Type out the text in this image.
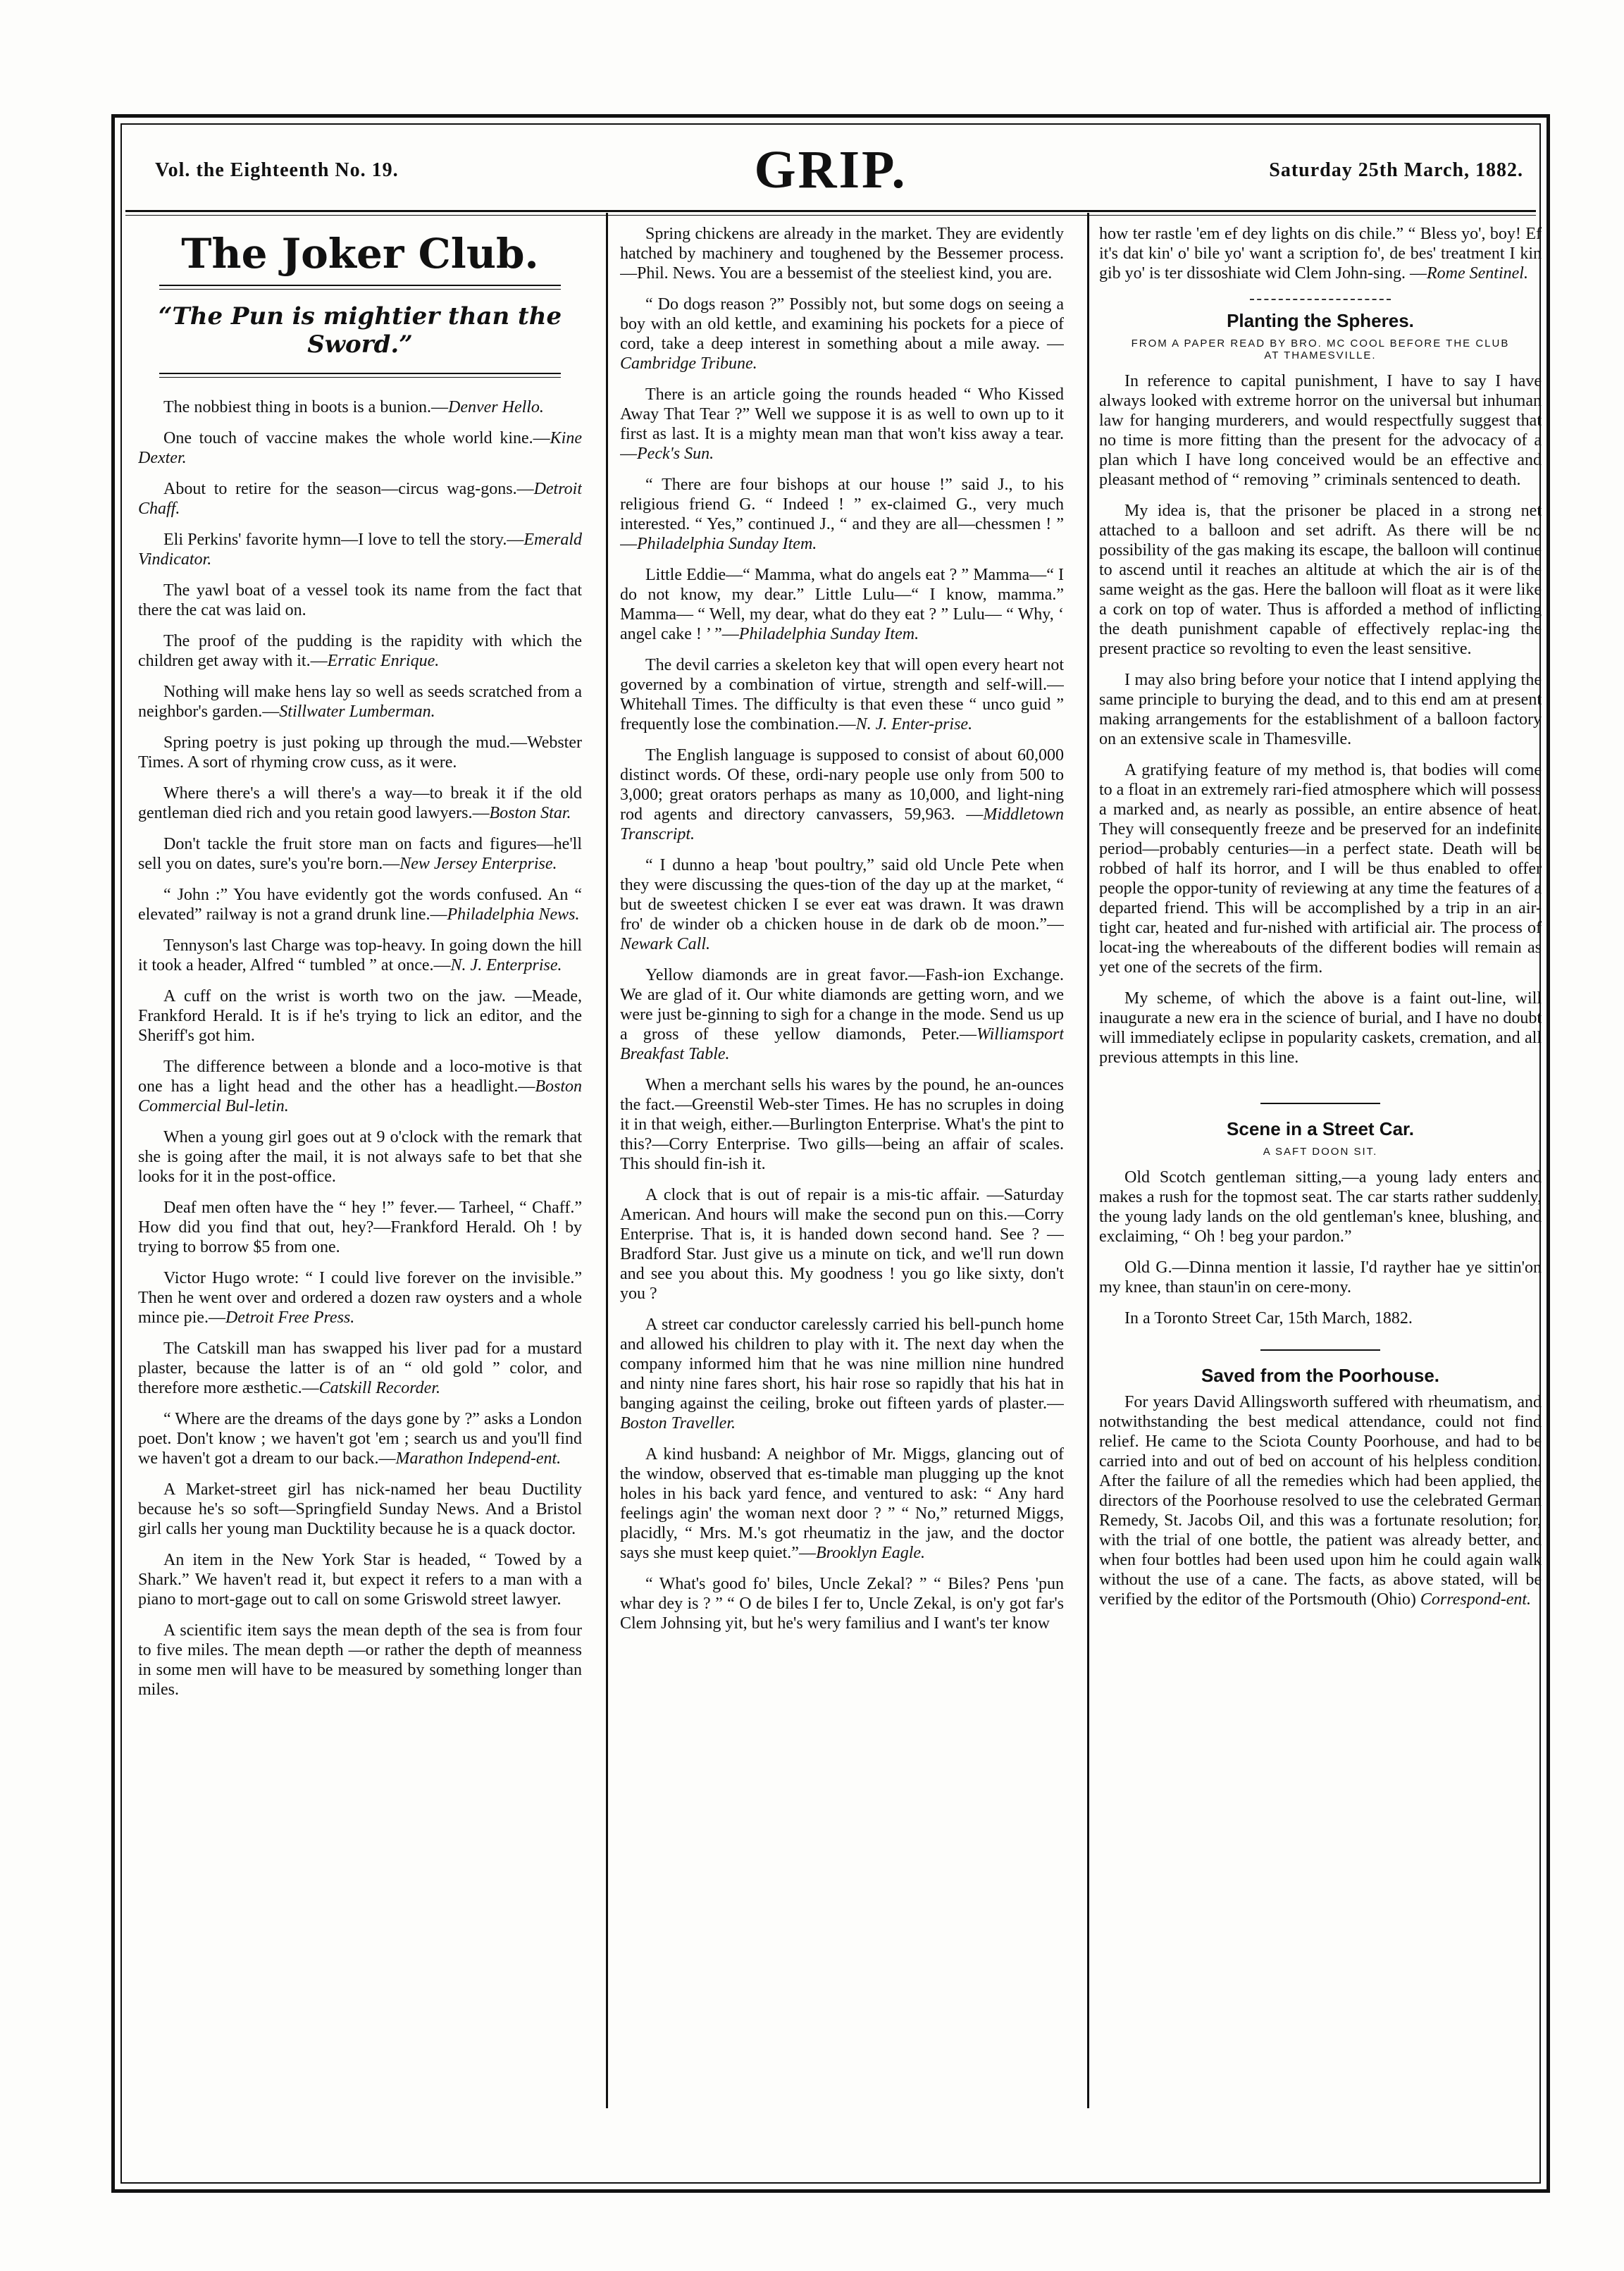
Vol. the Eighteenth No. 19.	GRIP.	Saturday 25th March, 1882.
The Joker Club.
“The Pun is mightier than the Sword.”

The nobbiest thing in boots is a bunion.—Denver Hello.

One touch of vaccine makes the whole world kine.—Kine Dexter.

About to retire for the season—circus wag-gons.—Detroit Chaff.

Eli Perkins' favorite hymn—I love to tell the story.—Emerald Vindicator.

The yawl boat of a vessel took its name from the fact that there the cat was laid on.

The proof of the pudding is the rapidity with which the children get away with it.—Erratic Enrique.

Nothing will make hens lay so well as seeds scratched from a neighbor's garden.—Stillwater Lumberman.

Spring poetry is just poking up through the mud.—Webster Times. A sort of rhyming crow cuss, as it were.

Where there's a will there's a way—to break it if the old gentleman died rich and you retain good lawyers.—Boston Star.

Don't tackle the fruit store man on facts and figures—he'll sell you on dates, sure's you're born.—New Jersey Enterprise.

“ John :” You have evidently got the words confused. An “ elevated” railway is not a grand drunk line.—Philadelphia News.

Tennyson's last Charge was top-heavy. In going down the hill it took a header, Alfred “ tumbled ” at once.—N. J. Enterprise.

A cuff on the wrist is worth two on the jaw. —Meade, Frankford Herald. It is if he's trying to lick an editor, and the Sheriff's got him.

The difference between a blonde and a loco-motive is that one has a light head and the other has a headlight.—Boston Commercial Bul-letin.

When a young girl goes out at 9 o'clock with the remark that she is going after the mail, it is not always safe to bet that she looks for it in the post-office.

Deaf men often have the “ hey !” fever.— Tarheel, “ Chaff.” How did you find that out, hey?—Frankford Herald. Oh ! by trying to borrow $5 from one.

Victor Hugo wrote: “ I could live forever on the invisible.” Then he went over and ordered a dozen raw oysters and a whole mince pie.—Detroit Free Press.

The Catskill man has swapped his liver pad for a mustard plaster, because the latter is of an “ old gold ” color, and therefore more æsthetic.—Catskill Recorder.

“ Where are the dreams of the days gone by ?” asks a London poet. Don't know ; we haven't got 'em ; search us and you'll find we haven't got a dream to our back.—Marathon Independ-ent.

A Market-street girl has nick-named her beau Ductility because he's so soft—Springfield Sunday News. And a Bristol girl calls her young man Ducktility because he is a quack doctor.

An item in the New York Star is headed, “ Towed by a Shark.” We haven't read it, but expect it refers to a man with a piano to mort-gage out to call on some Griswold street lawyer.

A scientific item says the mean depth of the sea is from four to five miles. The mean depth —or rather the depth of meanness in some men will have to be measured by something longer than miles.

Spring chickens are already in the market. They are evidently hatched by machinery and toughened by the Bessemer process.—Phil. News. You are a bessemist of the steeliest kind, you are.

“ Do dogs reason ?” Possibly not, but some dogs on seeing a boy with an old kettle, and examining his pockets for a piece of cord, take a deep interest in something about a mile away. —Cambridge Tribune.

There is an article going the rounds headed “ Who Kissed Away That Tear ?” Well we suppose it is as well to own up to it first as last. It is a mighty mean man that won't kiss away a tear.—Peck's Sun.

“ There are four bishops at our house !” said J., to his religious friend G. “ Indeed ! ” ex-claimed G., very much interested. “ Yes,” continued J., “ and they are all—chessmen ! ” —Philadelphia Sunday Item.

Little Eddie—“ Mamma, what do angels eat ? ” Mamma—“ I do not know, my dear.” Little Lulu—“ I know, mamma.” Mamma— “ Well, my dear, what do they eat ? ” Lulu— “ Why, ‘ angel cake ! ’ ”—Philadelphia Sunday Item.

The devil carries a skeleton key that will open every heart not governed by a combination of virtue, strength and self-will.—Whitehall Times. The difficulty is that even these “ unco guid ” frequently lose the combination.—N. J. Enter-prise.

The English language is supposed to consist of about 60,000 distinct words. Of these, ordi-nary people use only from 500 to 3,000; great orators perhaps as many as 10,000, and light-ning rod agents and directory canvassers, 59,963. —Middletown Transcript.

“ I dunno a heap 'bout poultry,” said old Uncle Pete when they were discussing the ques-tion of the day up at the market, “ but de sweetest chicken I se ever eat was drawn. It was drawn fro' de winder ob a chicken house in de dark ob de moon.”—Newark Call.

Yellow diamonds are in great favor.—Fash-ion Exchange. We are glad of it. Our white diamonds are getting worn, and we were just be-ginning to sigh for a change in the mode. Send us up a gross of these yellow diamonds, Peter.—Williamsport Breakfast Table.

When a merchant sells his wares by the pound, he an-ounces the fact.—Greenstil Web-ster Times. He has no scruples in doing it in that weigh, either.—Burlington Enterprise. What's the pint to this?—Corry Enterprise. Two gills—being an affair of scales. This should fin-ish it.

A clock that is out of repair is a mis-tic affair. —Saturday American. And hours will make the second pun on this.—Corry Enterprise. That is, it is handed down second hand. See ? —Bradford Star. Just give us a minute on tick, and we'll run down and see you about this. My goodness ! you go like sixty, don't you ?

A street car conductor carelessly carried his bell-punch home and allowed his children to play with it. The next day when the company informed him that he was nine million nine hundred and ninty nine fares short, his hair rose so rapidly that his hat in banging against the ceiling, broke out fifteen yards of plaster.—Boston Traveller.

A kind husband: A neighbor of Mr. Miggs, glancing out of the window, observed that es-timable man plugging up the knot holes in his back yard fence, and ventured to ask: “ Any hard feelings agin' the woman next door ? ” “ No,” returned Miggs, placidly, “ Mrs. M.'s got rheumatiz in the jaw, and the doctor says she must keep quiet.”—Brooklyn Eagle.

“ What's good fo' biles, Uncle Zekal? ” “ Biles? Pens 'pun whar dey is ? ” “ O de biles I fer to, Uncle Zekal, is on'y got far's Clem Johnsing yit, but he's wery familius and I want's ter know

how ter rastle 'em ef dey lights on dis chile.” “ Bless yo', boy! Ef it's dat kin' o' bile yo' want a scription fo', de bes' treatment I kin gib yo' is ter dissoshiate wid Clem John-sing. —Rome Sentinel.

Planting the Spheres.
FROM A PAPER READ BY BRO. MC COOL BEFORE THE CLUB AT THAMESVILLE.

In reference to capital punishment, I have to say I have always looked with extreme horror on the universal but inhuman law for hanging murderers, and would respectfully suggest that no time is more fitting than the present for the advocacy of a plan which I have long conceived would be an effective and pleasant method of “ removing ” criminals sentenced to death.

My idea is, that the prisoner be placed in a strong net attached to a balloon and set adrift. As there will be no possibility of the gas making its escape, the balloon will continue to ascend until it reaches an altitude at which the air is of the same weight as the gas. Here the balloon will float as it were like a cork on top of water. Thus is afforded a method of inflicting the death punishment capable of effectively replac-ing the present practice so revolting to even the least sensitive.

I may also bring before your notice that I intend applying the same principle to burying the dead, and to this end am at present making arrangements for the establishment of a balloon factory on an extensive scale in Thamesville.

A gratifying feature of my method is, that bodies will come to a float in an extremely rari-fied atmosphere which will possess a marked and, as nearly as possible, an entire absence of heat. They will consequently freeze and be preserved for an indefinite period—probably centuries—in a perfect state. Death will be robbed of half its horror, and I will be thus enabled to offer people the oppor-tunity of reviewing at any time the features of a departed friend. This will be accomplished by a trip in an air-tight car, heated and fur-nished with artificial air. The process of locat-ing the whereabouts of the different bodies will remain as yet one of the secrets of the firm.

My scheme, of which the above is a faint out-line, will inaugurate a new era in the science of burial, and I have no doubt will immediately eclipse in popularity caskets, cremation, and all previous attempts in this line.

Scene in a Street Car.
A SAFT DOON SIT.

Old Scotch gentleman sitting,—a young lady enters and makes a rush for the topmost seat. The car starts rather suddenly, the young lady lands on the old gentleman's knee, blushing, and exclaiming, “ Oh ! beg your pardon.”

Old G.—Dinna mention it lassie, I'd rayther hae ye sittin'on my knee, than staun'in on cere-mony.

In a Toronto Street Car, 15th March, 1882.

Saved from the Poorhouse.

For years David Allingsworth suffered with rheumatism, and notwithstanding the best medical attendance, could not find relief. He came to the Sciota County Poorhouse, and had to be carried into and out of bed on account of his helpless condition. After the failure of all the remedies which had been applied, the directors of the Poorhouse resolved to use the celebrated German Remedy, St. Jacobs Oil, and this was a fortunate resolution; for, with the trial of one bottle, the patient was already better, and when four bottles had been used upon him he could again walk without the use of a cane. The facts, as above stated, will be verified by the editor of the Portsmouth (Ohio) Correspond-ent.
